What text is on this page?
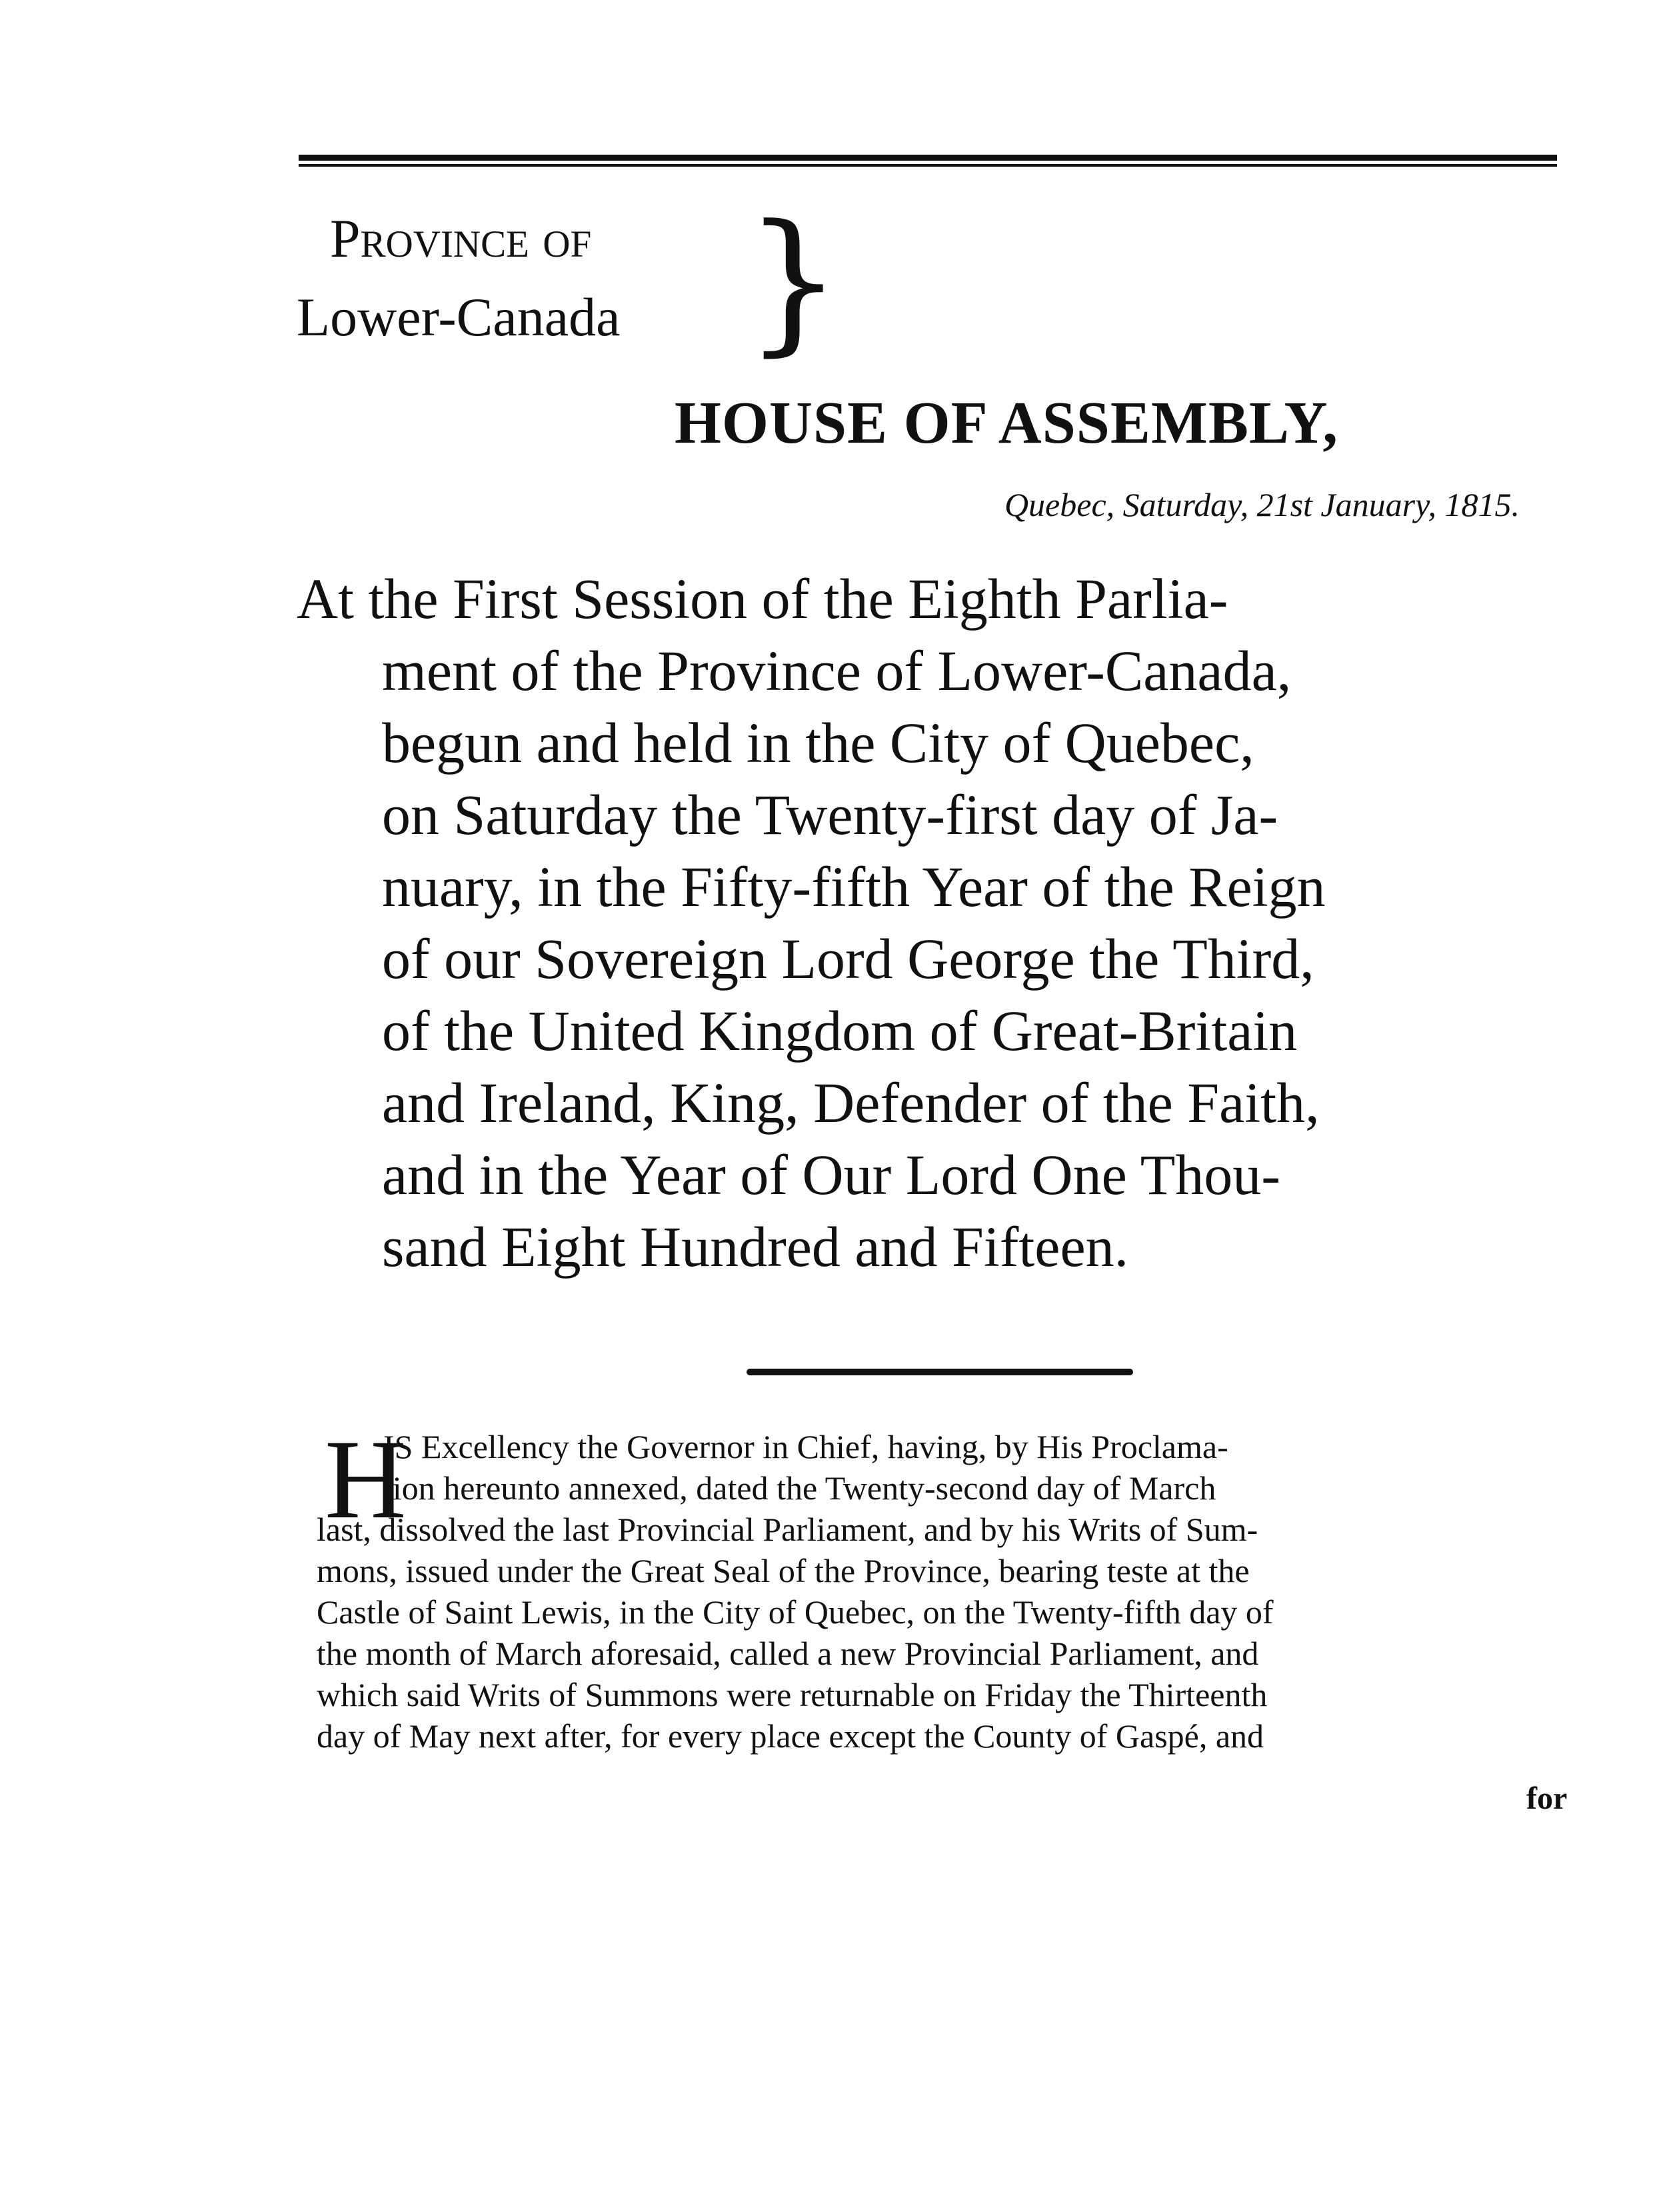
Province of
Lower-Canada }
HOUSE OF ASSEMBLY,
Quebec, Saturday, 21st January, 1815.
At the First Session of the Eighth Parlia-
ment of the Province of Lower-Canada,
begun and held in the City of Quebec,
on Saturday the Twenty-first day of Ja-
nuary, in the Fifty-fifth Year of the Reign
of our Sovereign Lord George the Third,
of the United Kingdom of Great-Britain
and Ireland, King, Defender of the Faith,
and in the Year of Our Lord One Thou-
sand Eight Hundred and Fifteen.
H
IS Excellency the Governor in Chief, having, by His Proclama-
tion hereunto annexed, dated the Twenty-second day of March
last, dissolved the last Provincial Parliament, and by his Writs of Sum-
mons, issued under the Great Seal of the Province, bearing teste at the
Castle of Saint Lewis, in the City of Quebec, on the Twenty-fifth day of
the month of March aforesaid, called a new Provincial Parliament, and
which said Writs of Summons were returnable on Friday the Thirteenth
day of May next after, for every place except the County of Gaspé, and
for
